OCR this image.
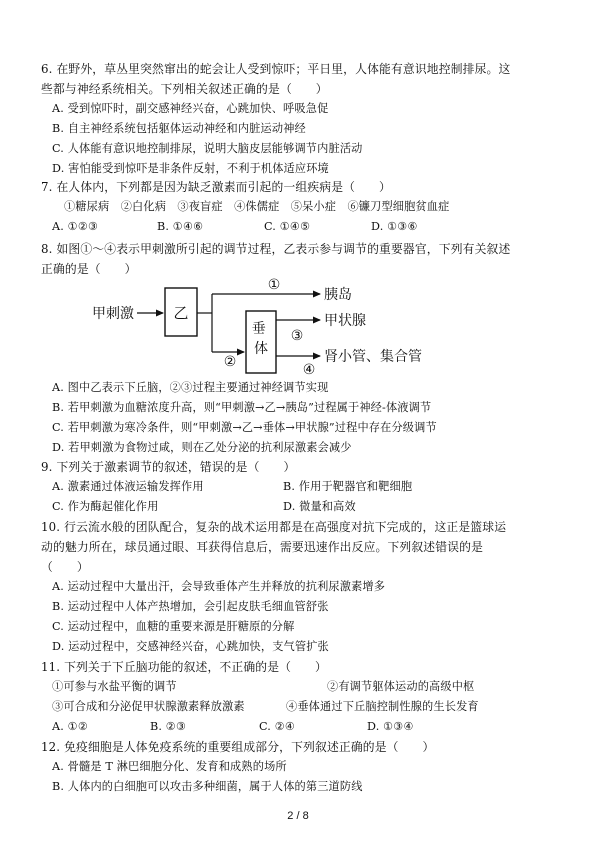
6. 在野外，草丛里突然窜出的蛇会让人受到惊吓；平日里，人体能有意识地控制排尿。这
些都与神经系统相关。下列相关叙述正确的是（　　）
A. 受到惊吓时，副交感神经兴奋，心跳加快、呼吸急促
B. 自主神经系统包括躯体运动神经和内脏运动神经
C. 人体能有意识地控制排尿，说明大脑皮层能够调节内脏活动
D. 害怕能受到惊吓是非条件反射，不利于机体适应环境
7. 在人体内，下列都是因为缺乏激素而引起的一组疾病是（　　）
①糖尿病　②白化病　③夜盲症　④侏儒症　⑤呆小症　⑥镰刀型细胞贫血症
A. ①②③	B. ①④⑥	C. ①④⑤	D. ①③⑥
8. 如图①～④表示甲刺激所引起的调节过程，乙表示参与调节的重要器官，下列有关叙述
正确的是（　　）
甲刺激	乙
①
胰岛
②
垂 体
③
甲状腺
④
肾小管、集合管
A. 图中乙表示下丘脑，②③过程主要通过神经调节实现
B. 若甲刺激为血糖浓度升高，则“甲刺激→乙→胰岛”过程属于神经-体液调节
C. 若甲刺激为寒冷条件，则“甲刺激→乙→垂体→甲状腺”过程中存在分级调节
D. 若甲刺激为食物过咸，则在乙处分泌的抗利尿激素会减少
9. 下列关于激素调节的叙述，错误的是（　　）
A. 激素通过体液运输发挥作用	B. 作用于靶器官和靶细胞
C. 作为酶起催化作用	D. 微量和高效
10. 行云流水般的团队配合，复杂的战术运用都是在高强度对抗下完成的，这正是篮球运
动的魅力所在，球员通过眼、耳获得信息后，需要迅速作出反应。下列叙述错误的是
（　　）
A. 运动过程中大量出汗，会导致垂体产生并释放的抗利尿激素增多
B. 运动过程中人体产热增加，会引起皮肤毛细血管舒张
C. 运动过程中，血糖的重要来源是肝糖原的分解
D. 运动过程中，交感神经兴奋，心跳加快，支气管扩张
11. 下列关于下丘脑功能的叙述，不正确的是（　　）
①可参与水盐平衡的调节	②有调节躯体运动的高级中枢
③可合成和分泌促甲状腺激素释放激素	④垂体通过下丘脑控制性腺的生长发育
A. ①②	B. ②③	C. ②④	D. ①③④
12. 免疫细胞是人体免疫系统的重要组成部分，下列叙述正确的是（　　）
A. 骨髓是 T 淋巴细胞分化、发育和成熟的场所
B. 人体内的白细胞可以攻击多种细菌，属于人体的第三道防线
2 / 8
